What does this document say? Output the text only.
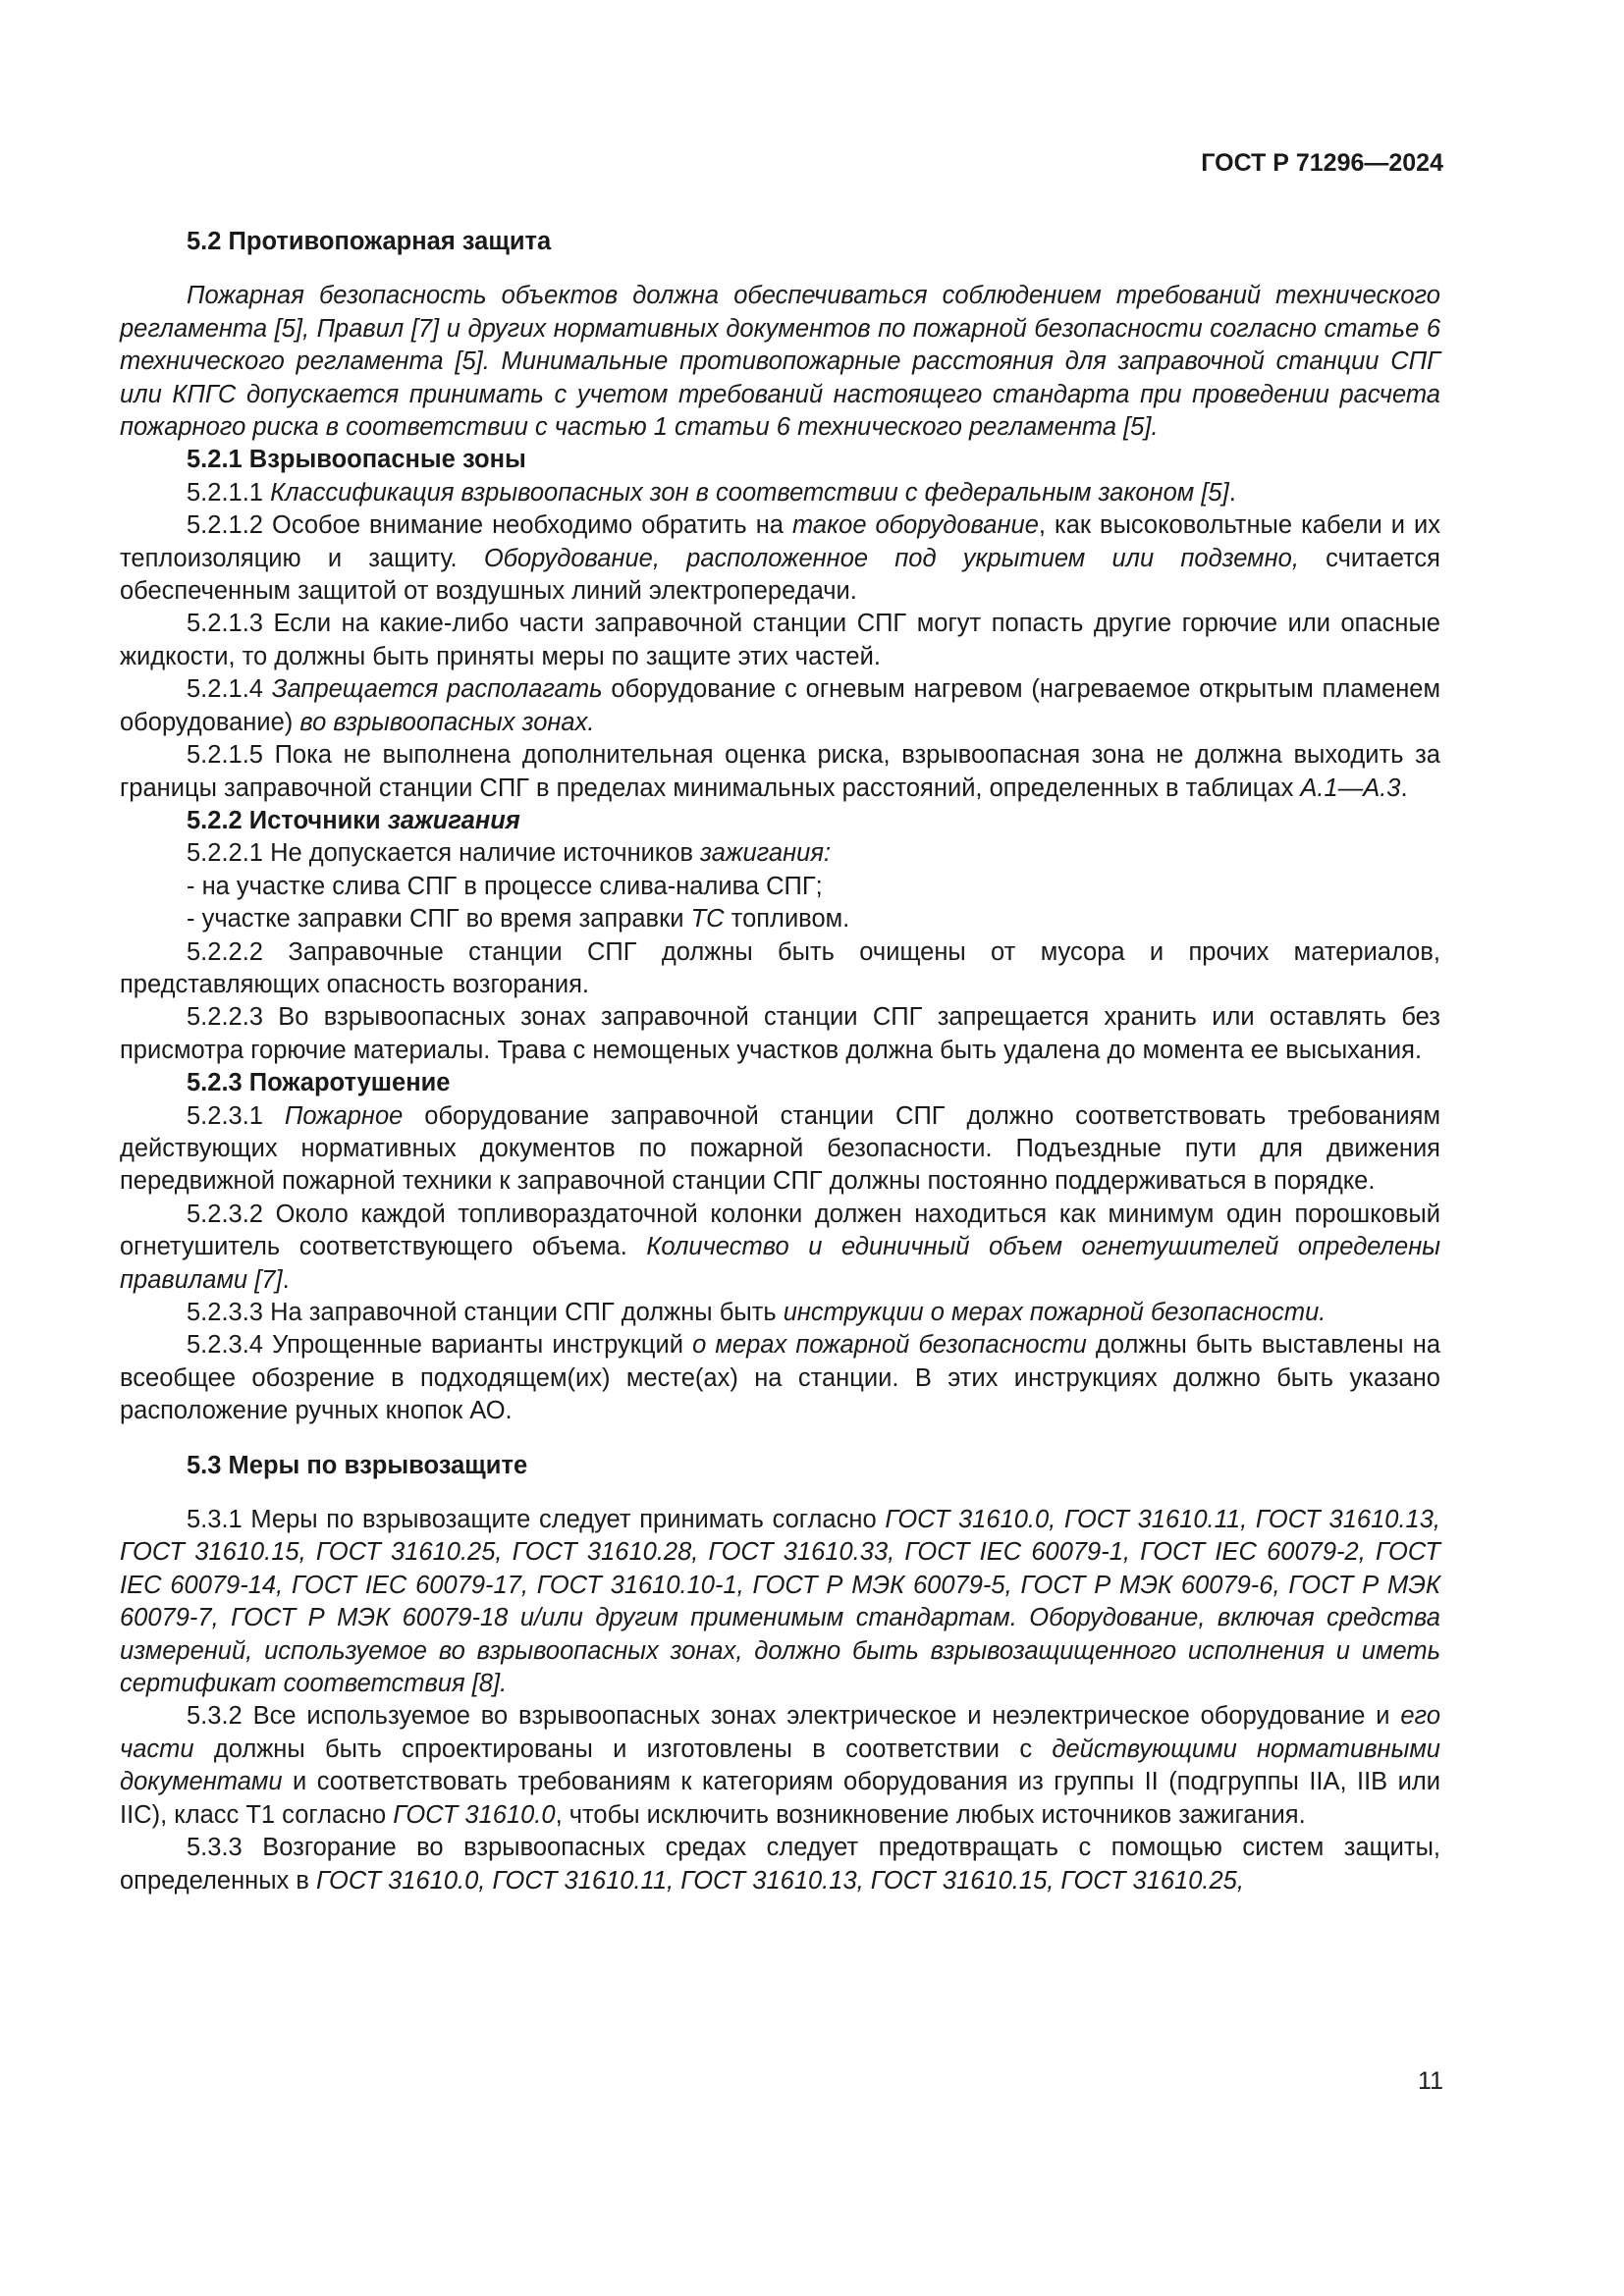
ГОСТ Р 71296—2024

5.2 Противопожарная защита

Пожарная безопасность объектов должна обеспечиваться соблюдением требований технического регламента [5], Правил [7] и других нормативных документов по пожарной безопасности согласно статье 6 технического регламента [5]. Минимальные противопожарные расстояния для заправочной станции СПГ или КПГС допускается принимать с учетом требований настоящего стандарта при проведении расчета пожарного риска в соответствии с частью 1 статьи 6 технического регламента [5].

5.2.1 Взрывоопасные зоны

5.2.1.1 Классификация взрывоопасных зон в соответствии с федеральным законом [5].

5.2.1.2 Особое внимание необходимо обратить на такое оборудование, как высоковольтные кабели и их теплоизоляцию и защиту. Оборудование, расположенное под укрытием или подземно, считается обеспеченным защитой от воздушных линий электропередачи.

5.2.1.3 Если на какие-либо части заправочной станции СПГ могут попасть другие горючие или опасные жидкости, то должны быть приняты меры по защите этих частей.

5.2.1.4 Запрещается располагать оборудование с огневым нагревом (нагреваемое открытым пламенем оборудование) во взрывоопасных зонах.

5.2.1.5 Пока не выполнена дополнительная оценка риска, взрывоопасная зона не должна выходить за границы заправочной станции СПГ в пределах минимальных расстояний, определенных в таблицах А.1—А.3.

5.2.2 Источники зажигания

5.2.2.1 Не допускается наличие источников зажигания:

- на участке слива СПГ в процессе слива-налива СПГ;

- участке заправки СПГ во время заправки ТС топливом.

5.2.2.2 Заправочные станции СПГ должны быть очищены от мусора и прочих материалов, представляющих опасность возгорания.

5.2.2.3 Во взрывоопасных зонах заправочной станции СПГ запрещается хранить или оставлять без присмотра горючие материалы. Трава с немощеных участков должна быть удалена до момента ее высыхания.

5.2.3 Пожаротушение

5.2.3.1 Пожарное оборудование заправочной станции СПГ должно соответствовать требованиям действующих нормативных документов по пожарной безопасности. Подъездные пути для движения передвижной пожарной техники к заправочной станции СПГ должны постоянно поддерживаться в порядке.

5.2.3.2 Около каждой топливораздаточной колонки должен находиться как минимум один порошковый огнетушитель соответствующего объема. Количество и единичный объем огнетушителей определены правилами [7].

5.2.3.3 На заправочной станции СПГ должны быть инструкции о мерах пожарной безопасности.

5.2.3.4 Упрощенные варианты инструкций о мерах пожарной безопасности должны быть выставлены на всеобщее обозрение в подходящем(их) месте(ах) на станции. В этих инструкциях должно быть указано расположение ручных кнопок АО.

5.3 Меры по взрывозащите

5.3.1 Меры по взрывозащите следует принимать согласно ГОСТ 31610.0, ГОСТ 31610.11, ГОСТ 31610.13, ГОСТ 31610.15, ГОСТ 31610.25, ГОСТ 31610.28, ГОСТ 31610.33, ГОСТ IEC 60079-1, ГОСТ IEC 60079-2, ГОСТ IEC 60079-14, ГОСТ IEC 60079-17, ГОСТ 31610.10-1, ГОСТ Р МЭК 60079-5, ГОСТ Р МЭК 60079-6, ГОСТ Р МЭК 60079-7, ГОСТ Р МЭК 60079-18 и/или другим применимым стандартам. Оборудование, включая средства измерений, используемое во взрывоопасных зонах, должно быть взрывозащищенного исполнения и иметь сертификат соответствия [8].

5.3.2 Все используемое во взрывоопасных зонах электрическое и неэлектрическое оборудование и его части должны быть спроектированы и изготовлены в соответствии с действующими нормативными документами и соответствовать требованиям к категориям оборудования из группы II (подгруппы IIA, IIB или IIC), класс Т1 согласно ГОСТ 31610.0, чтобы исключить возникновение любых источников зажигания.

5.3.3 Возгорание во взрывоопасных средах следует предотвращать с помощью систем защиты, определенных в ГОСТ 31610.0, ГОСТ 31610.11, ГОСТ 31610.13, ГОСТ 31610.15, ГОСТ 31610.25,

11
